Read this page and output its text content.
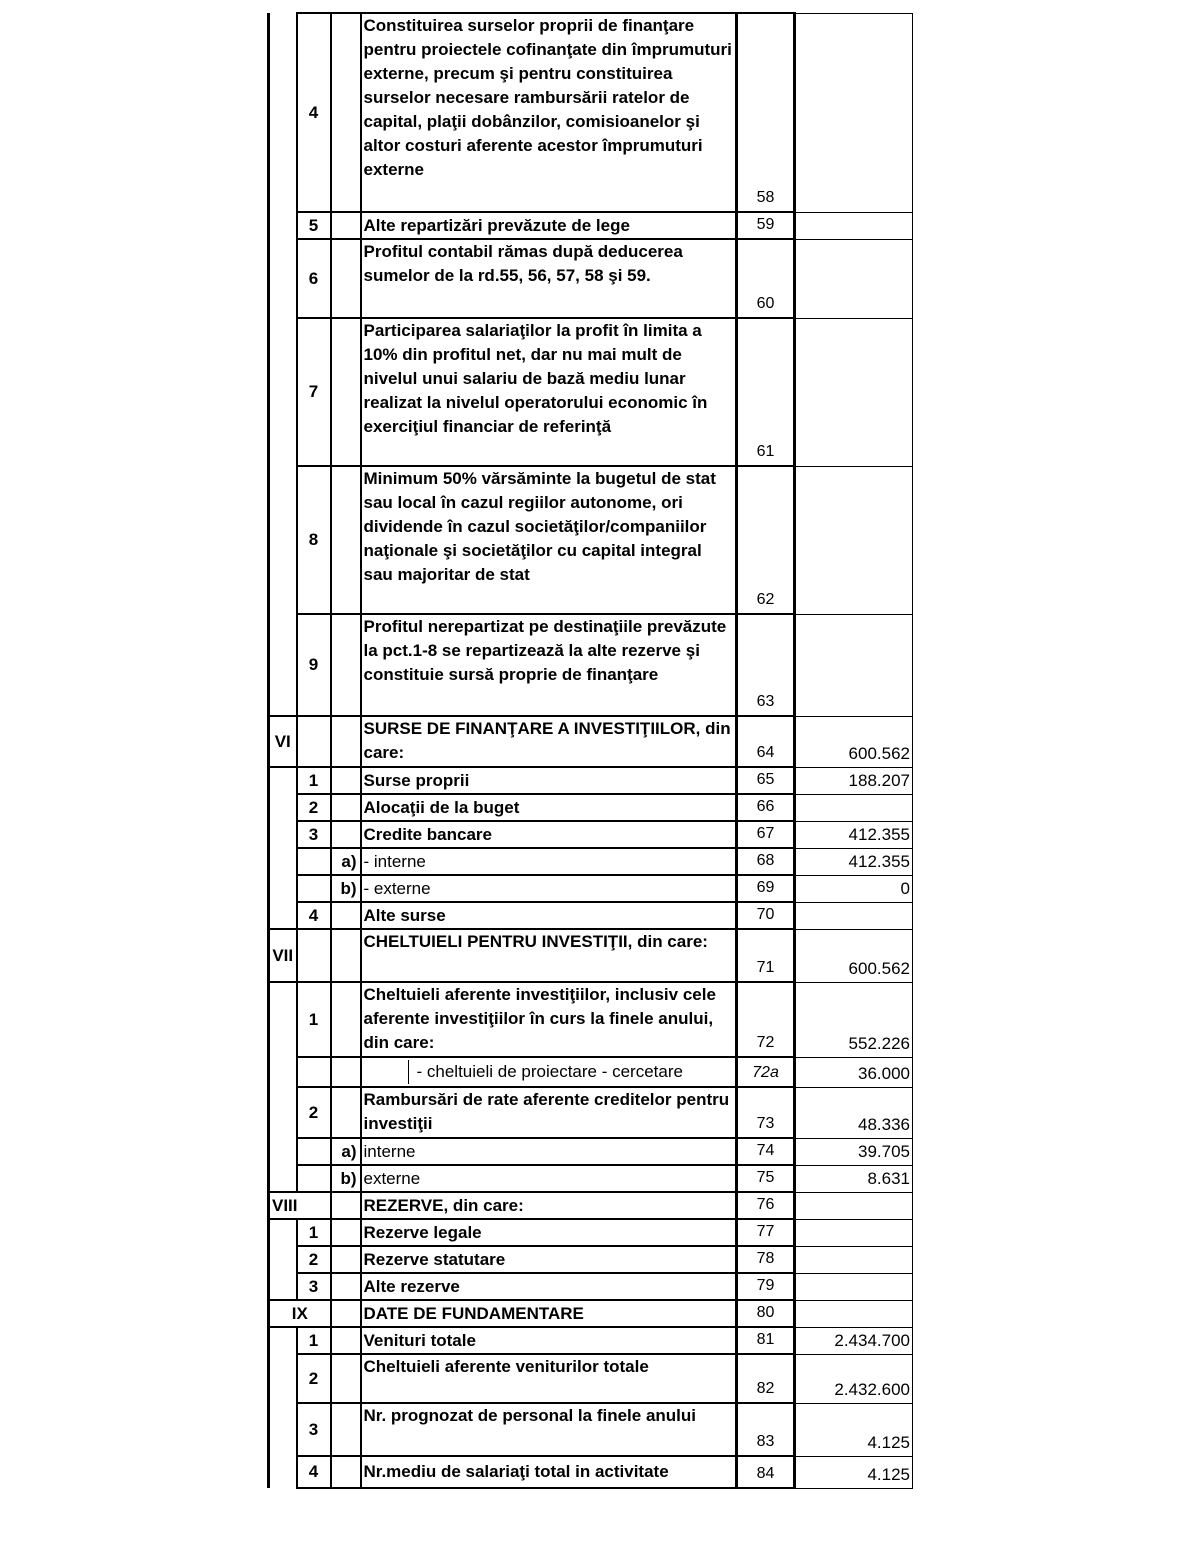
	4		Constituirea surselor proprii de finanţare pentru proiectele cofinanţate din împrumuturi externe, precum şi pentru constituirea surselor necesare rambursării ratelor de capital, plaţii dobânzilor, comisioanelor şi altor costuri aferente acestor împrumuturi externe	58	
	5		Alte repartizări prevăzute de lege	59	
	6		Profitul contabil rămas după deducerea sumelor de la rd.55, 56, 57, 58 şi 59.	60	
	7		Participarea salariaţilor la profit în limita a 10% din profitul net, dar nu mai mult de nivelul unui salariu de bază mediu lunar realizat la nivelul operatorului economic în exerciţiul financiar de referinţă	61	
	8		Minimum 50% vărsăminte la bugetul de stat sau local în cazul regiilor autonome, ori dividende în cazul societăţilor/companiilor naţionale şi societăţilor cu capital integral sau majoritar de stat	62	
	9		Profitul nerepartizat pe destinaţiile prevăzute la pct.1-8 se repartizează la alte rezerve şi constituie sursă proprie de finanţare	63	
VI			SURSE DE FINANŢARE A INVESTIŢIILOR, din care:	64	600.562
	1		Surse proprii	65	188.207
	2		Alocaţii de la buget	66	
	3		Credite bancare	67	412.355
		a)	- interne	68	412.355
		b)	- externe	69	0
	4		Alte surse	70	
VII			CHELTUIELI PENTRU INVESTIŢII, din care:	71	600.562
	1		Cheltuieli aferente investiţiilor, inclusiv cele aferente investiţiilor în curs la finele anului, din care:	72	552.226

			- cheltuieli de proiectare - cercetare	72a	36.000
	2		Rambursări de rate aferente creditelor pentru investiţii	73	48.336
		a)	interne	74	39.705
		b)	externe	75	8.631
VIII			REZERVE, din care:	76	
	1		Rezerve legale	77	
	2		Rezerve statutare	78	
	3		Alte rezerve	79	
IX			DATE DE FUNDAMENTARE	80	
	1		Venituri totale	81	2.434.700
	2		Cheltuieli aferente veniturilor totale	82	2.432.600
	3		Nr. prognozat de personal la finele anului	83	4.125
	4		Nr.mediu de salariaţi total in activitate	84	4.125
